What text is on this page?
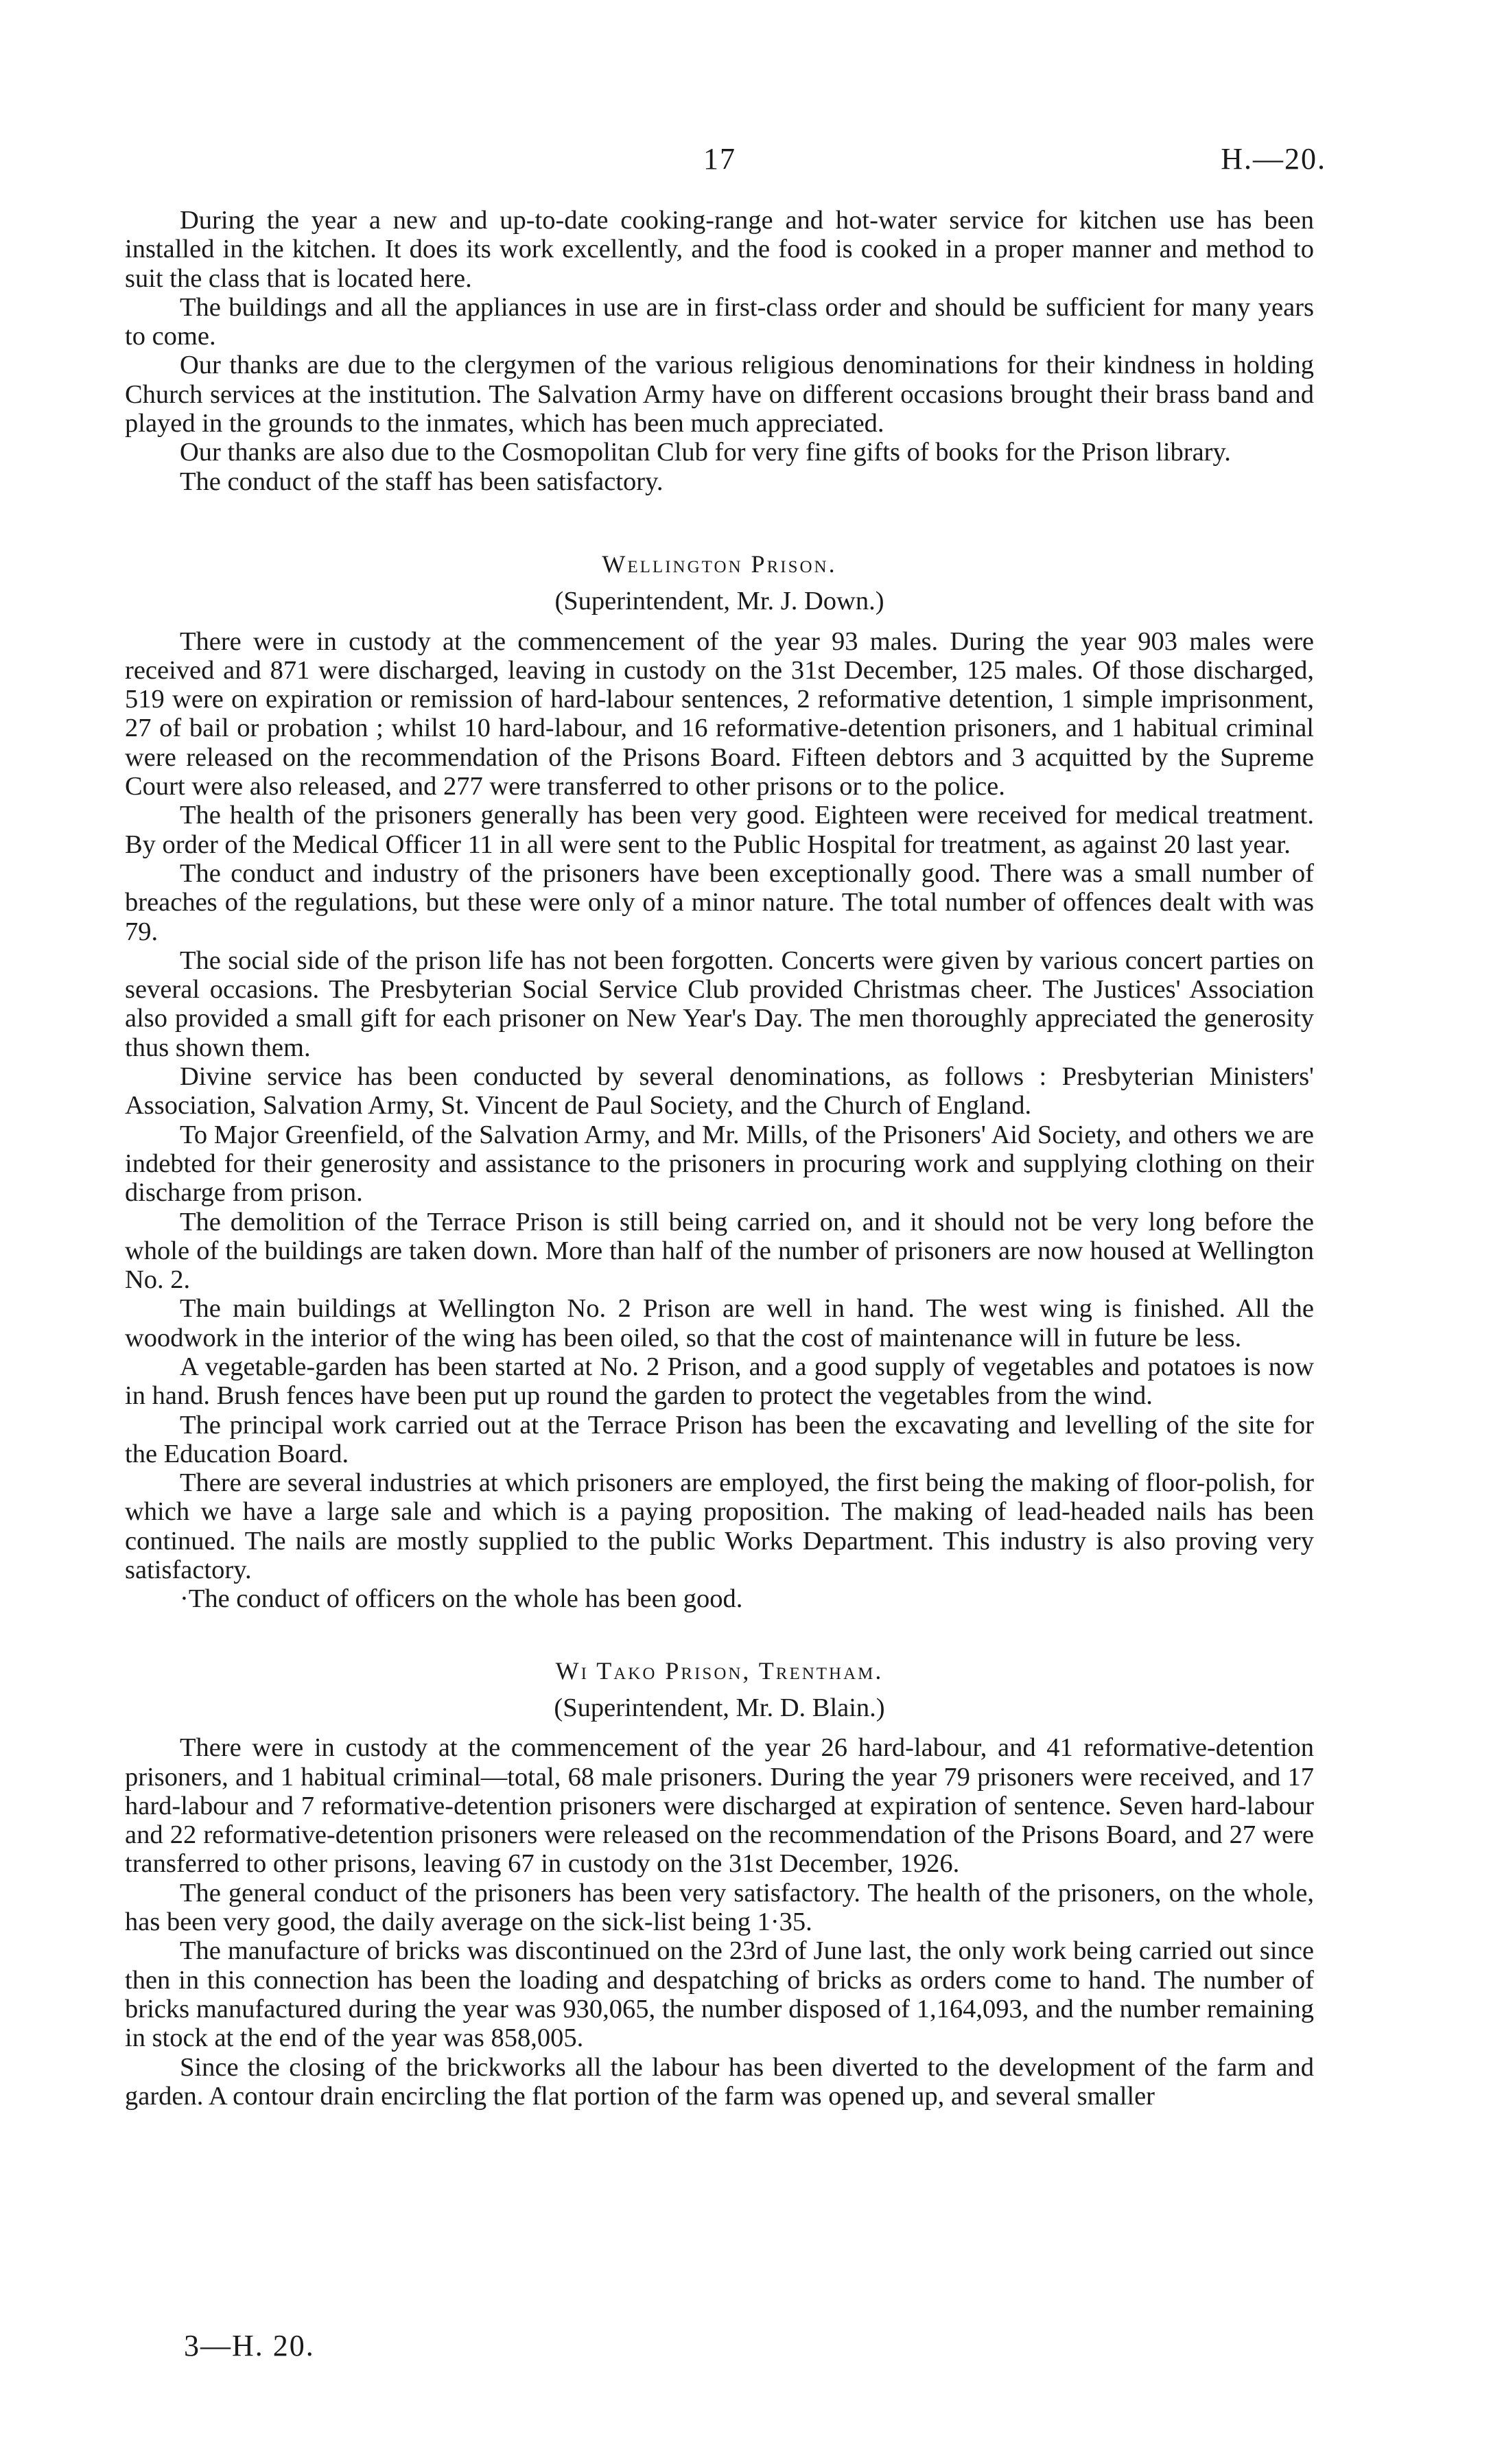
17	H.—20.

During the year a new and up-to-date cooking-range and hot-water service for kitchen use has been installed in the kitchen. It does its work excellently, and the food is cooked in a proper manner and method to suit the class that is located here.

The buildings and all the appliances in use are in first-class order and should be sufficient for many years to come.

Our thanks are due to the clergymen of the various religious denominations for their kindness in holding Church services at the institution. The Salvation Army have on different occasions brought their brass band and played in the grounds to the inmates, which has been much appreciated.

Our thanks are also due to the Cosmopolitan Club for very fine gifts of books for the Prison library.

The conduct of the staff has been satisfactory.

Wellington Prison.
(Superintendent, Mr. J. Down.)

There were in custody at the commencement of the year 93 males. During the year 903 males were received and 871 were discharged, leaving in custody on the 31st December, 125 males. Of those discharged, 519 were on expiration or remission of hard-labour sentences, 2 reformative detention, 1 simple imprisonment, 27 of bail or probation ; whilst 10 hard-labour, and 16 reformative-detention prisoners, and 1 habitual criminal were released on the recommendation of the Prisons Board. Fifteen debtors and 3 acquitted by the Supreme Court were also released, and 277 were transferred to other prisons or to the police.

The health of the prisoners generally has been very good. Eighteen were received for medical treatment. By order of the Medical Officer 11 in all were sent to the Public Hospital for treatment, as against 20 last year.

The conduct and industry of the prisoners have been exceptionally good. There was a small number of breaches of the regulations, but these were only of a minor nature. The total number of offences dealt with was 79.

The social side of the prison life has not been forgotten. Concerts were given by various concert parties on several occasions. The Presbyterian Social Service Club provided Christmas cheer. The Justices' Association also provided a small gift for each prisoner on New Year's Day. The men thoroughly appreciated the generosity thus shown them.

Divine service has been conducted by several denominations, as follows : Presbyterian Ministers' Association, Salvation Army, St. Vincent de Paul Society, and the Church of England.

To Major Greenfield, of the Salvation Army, and Mr. Mills, of the Prisoners' Aid Society, and others we are indebted for their generosity and assistance to the prisoners in procuring work and supplying clothing on their discharge from prison.

The demolition of the Terrace Prison is still being carried on, and it should not be very long before the whole of the buildings are taken down. More than half of the number of prisoners are now housed at Wellington No. 2.

The main buildings at Wellington No. 2 Prison are well in hand. The west wing is finished. All the woodwork in the interior of the wing has been oiled, so that the cost of maintenance will in future be less.

A vegetable-garden has been started at No. 2 Prison, and a good supply of vegetables and potatoes is now in hand. Brush fences have been put up round the garden to protect the vegetables from the wind.

The principal work carried out at the Terrace Prison has been the excavating and levelling of the site for the Education Board.

There are several industries at which prisoners are employed, the first being the making of floor-polish, for which we have a large sale and which is a paying proposition. The making of lead-headed nails has been continued. The nails are mostly supplied to the public Works Department. This industry is also proving very satisfactory.

·The conduct of officers on the whole has been good.

Wi Tako Prison, Trentham.
(Superintendent, Mr. D. Blain.)

There were in custody at the commencement of the year 26 hard-labour, and 41 reformative-detention prisoners, and 1 habitual criminal—total, 68 male prisoners. During the year 79 prisoners were received, and 17 hard-labour and 7 reformative-detention prisoners were discharged at expiration of sentence. Seven hard-labour and 22 reformative-detention prisoners were released on the recommendation of the Prisons Board, and 27 were transferred to other prisons, leaving 67 in custody on the 31st December, 1926.

The general conduct of the prisoners has been very satisfactory. The health of the prisoners, on the whole, has been very good, the daily average on the sick-list being 1·35.

The manufacture of bricks was discontinued on the 23rd of June last, the only work being carried out since then in this connection has been the loading and despatching of bricks as orders come to hand. The number of bricks manufactured during the year was 930,065, the number disposed of 1,164,093, and the number remaining in stock at the end of the year was 858,005.

Since the closing of the brickworks all the labour has been diverted to the development of the farm and garden. A contour drain encircling the flat portion of the farm was opened up, and several smaller

3—H. 20.
